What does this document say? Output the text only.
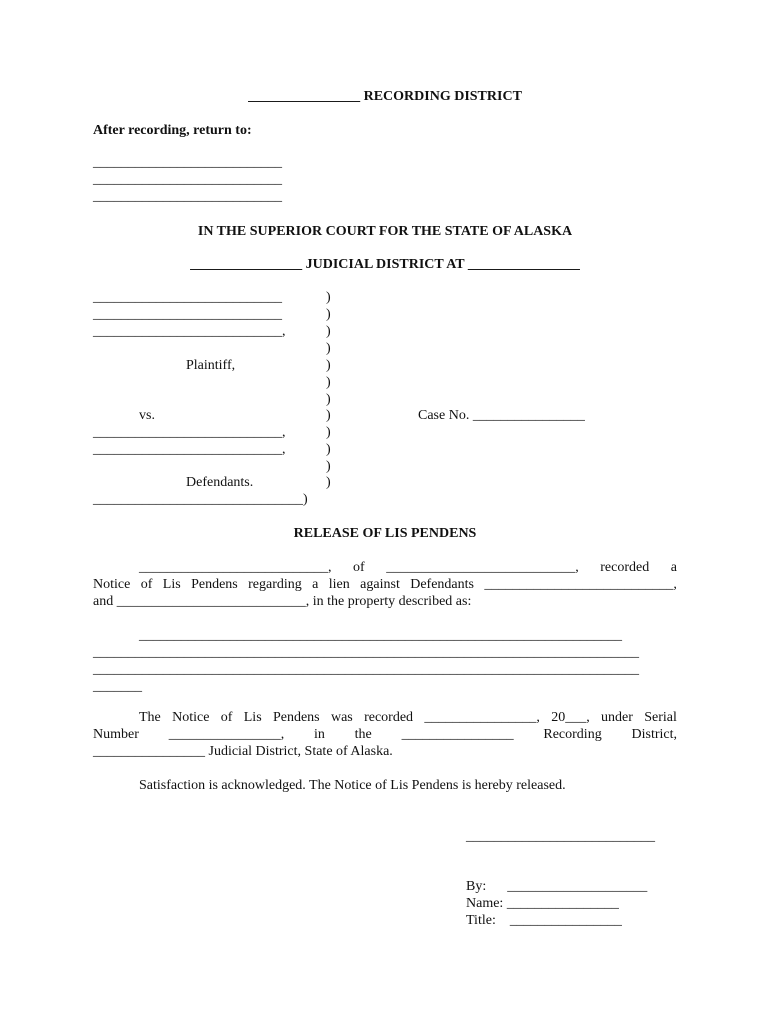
________________ RECORDING DISTRICT
After recording, return to:
___________________________
___________________________
___________________________
IN THE SUPERIOR COURT FOR THE STATE OF ALASKA
________________ JUDICIAL DISTRICT AT ________________
___________________________
___________________________
___________________________,
Plaintiff,
vs.
___________________________,
___________________________,
Defendants.
______________________________)
)
)
)
)
)
)
)
)
)
)
)
)
Case No. ________________
RELEASE OF LIS PENDENS
___________________________, of ___________________________, recorded a
Notice of Lis Pendens regarding a lien against Defendants ___________________________,
and ___________________________, in the property described as:
_____________________________________________________________________
______________________________________________________________________________
______________________________________________________________________________
_______
The Notice of Lis Pendens was recorded ________________, 20___, under Serial
Number ________________, in the ________________ Recording District,
________________ Judicial District, State of Alaska.
Satisfaction is acknowledged. The Notice of Lis Pendens is hereby released.
___________________________
By:      ____________________
Name: ________________
Title:    ________________
